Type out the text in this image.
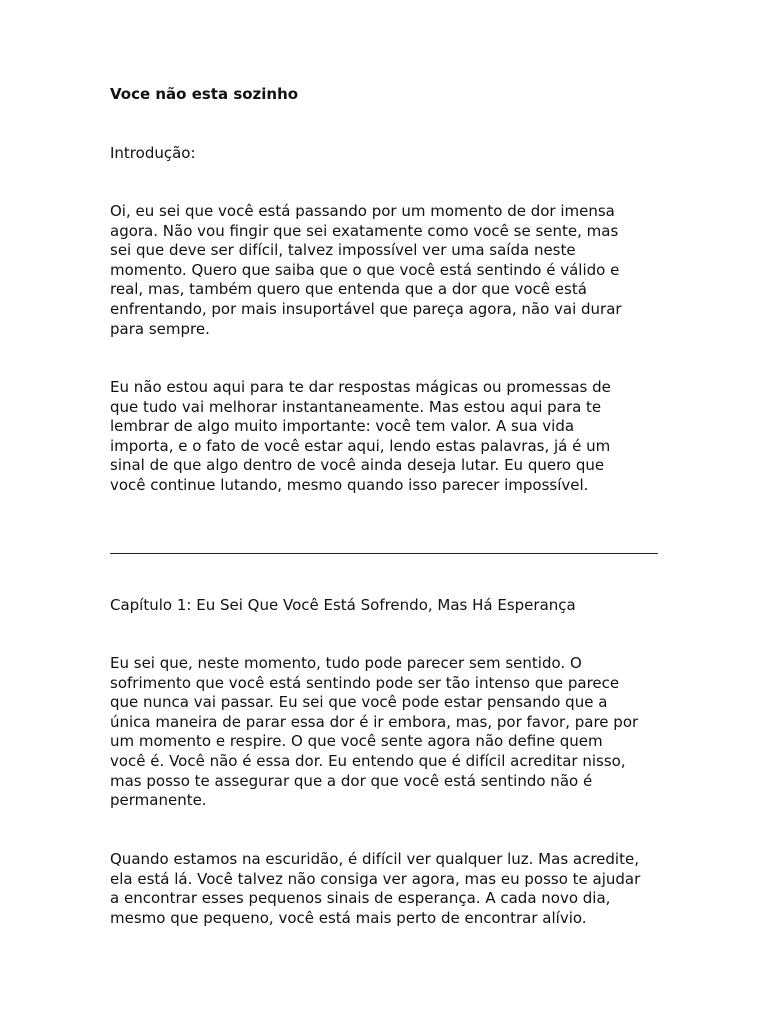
Voce não esta sozinho

Introdução:

Oi, eu sei que você está passando por um momento de dor imensa
agora. Não vou fingir que sei exatamente como você se sente, mas
sei que deve ser difícil, talvez impossível ver uma saída neste
momento. Quero que saiba que o que você está sentindo é válido e
real, mas, também quero que entenda que a dor que você está
enfrentando, por mais insuportável que pareça agora, não vai durar
para sempre.

Eu não estou aqui para te dar respostas mágicas ou promessas de
que tudo vai melhorar instantaneamente. Mas estou aqui para te
lembrar de algo muito importante: você tem valor. A sua vida
importa, e o fato de você estar aqui, lendo estas palavras, já é um
sinal de que algo dentro de você ainda deseja lutar. Eu quero que
você continue lutando, mesmo quando isso parecer impossível.

Capítulo 1: Eu Sei Que Você Está Sofrendo, Mas Há Esperança

Eu sei que, neste momento, tudo pode parecer sem sentido. O
sofrimento que você está sentindo pode ser tão intenso que parece
que nunca vai passar. Eu sei que você pode estar pensando que a
única maneira de parar essa dor é ir embora, mas, por favor, pare por
um momento e respire. O que você sente agora não define quem
você é. Você não é essa dor. Eu entendo que é difícil acreditar nisso,
mas posso te assegurar que a dor que você está sentindo não é
permanente.

Quando estamos na escuridão, é difícil ver qualquer luz. Mas acredite,
ela está lá. Você talvez não consiga ver agora, mas eu posso te ajudar
a encontrar esses pequenos sinais de esperança. A cada novo dia,
mesmo que pequeno, você está mais perto de encontrar alívio.
